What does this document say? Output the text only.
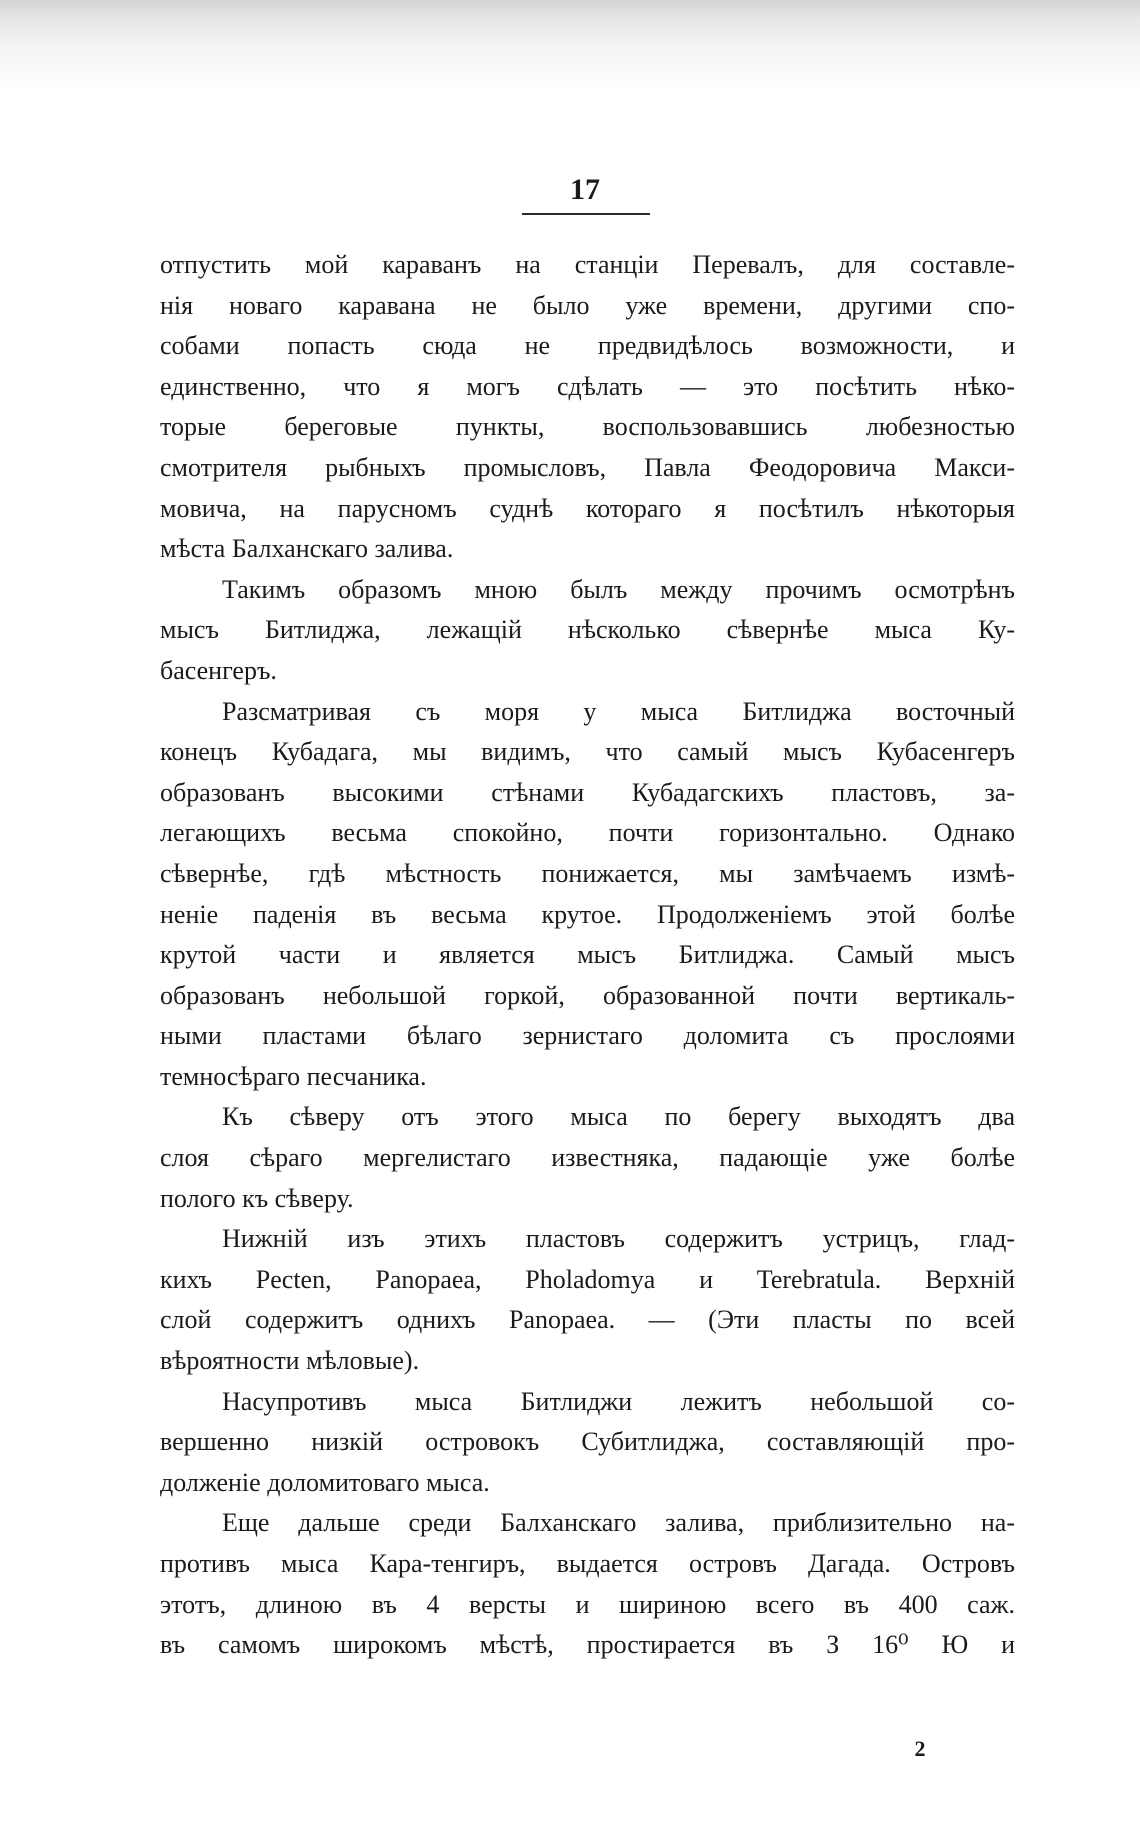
17
отпустить мой караванъ на станціи Перевалъ, для составле-
нія новаго каравана не было уже времени, другими спо-
собами попасть сюда не предвидѣлось возможности, и
единственно, что я могъ сдѣлать — это посѣтить нѣко-
торые береговые пункты, воспользовавшись любезностью
смотрителя рыбныхъ промысловъ, Павла Феодоровича Макси-
мовича, на парусномъ суднѣ котораго я посѣтилъ нѣкоторыя
мѣста Балханскаго залива.
Такимъ образомъ мною былъ между прочимъ осмотрѣнъ
мысъ Битлиджа, лежащій нѣсколько сѣвернѣе мыса Ку-
басенгеръ.
Разсматривая съ моря у мыса Битлиджа восточный
конецъ Кубадага, мы видимъ, что самый мысъ Кубасенгеръ
образованъ высокими стѣнами Кубадагскихъ пластовъ, за-
легающихъ весьма спокойно, почти горизонтально. Однако
сѣвернѣе, гдѣ мѣстность понижается, мы замѣчаемъ измѣ-
неніе паденія въ весьма крутое. Продолженіемъ этой болѣе
крутой части и является мысъ Битлиджа. Самый мысъ
образованъ небольшой горкой, образованной почти вертикаль-
ными пластами бѣлаго зернистаго доломита съ прослоями
темносѣраго песчаника.
Къ сѣверу отъ этого мыса по берегу выходятъ два
слоя сѣраго мергелистаго известняка, падающіе уже болѣе
полого къ сѣверу.
Нижній изъ этихъ пластовъ содержитъ устрицъ, глад-
кихъ Pecten, Panopaea, Pholadomya и Terebratula. Верхній
слой содержитъ однихъ Panopaea. — (Эти пласты по всей
вѣроятности мѣловые).
Насупротивъ мыса Битлиджи лежитъ небольшой со-
вершенно низкій островокъ Субитлиджа, составляющій про-
долженіе доломитоваго мыса.
Еще дальше среди Балханскаго залива, приблизительно на-
противъ мыса Кара-тенгиръ, выдается островъ Дагада. Островъ
этотъ, длиною въ 4 версты и шириною всего въ 400 саж.
въ самомъ широкомъ мѣстѣ, простирается въ З 16⁰ Ю и
2
